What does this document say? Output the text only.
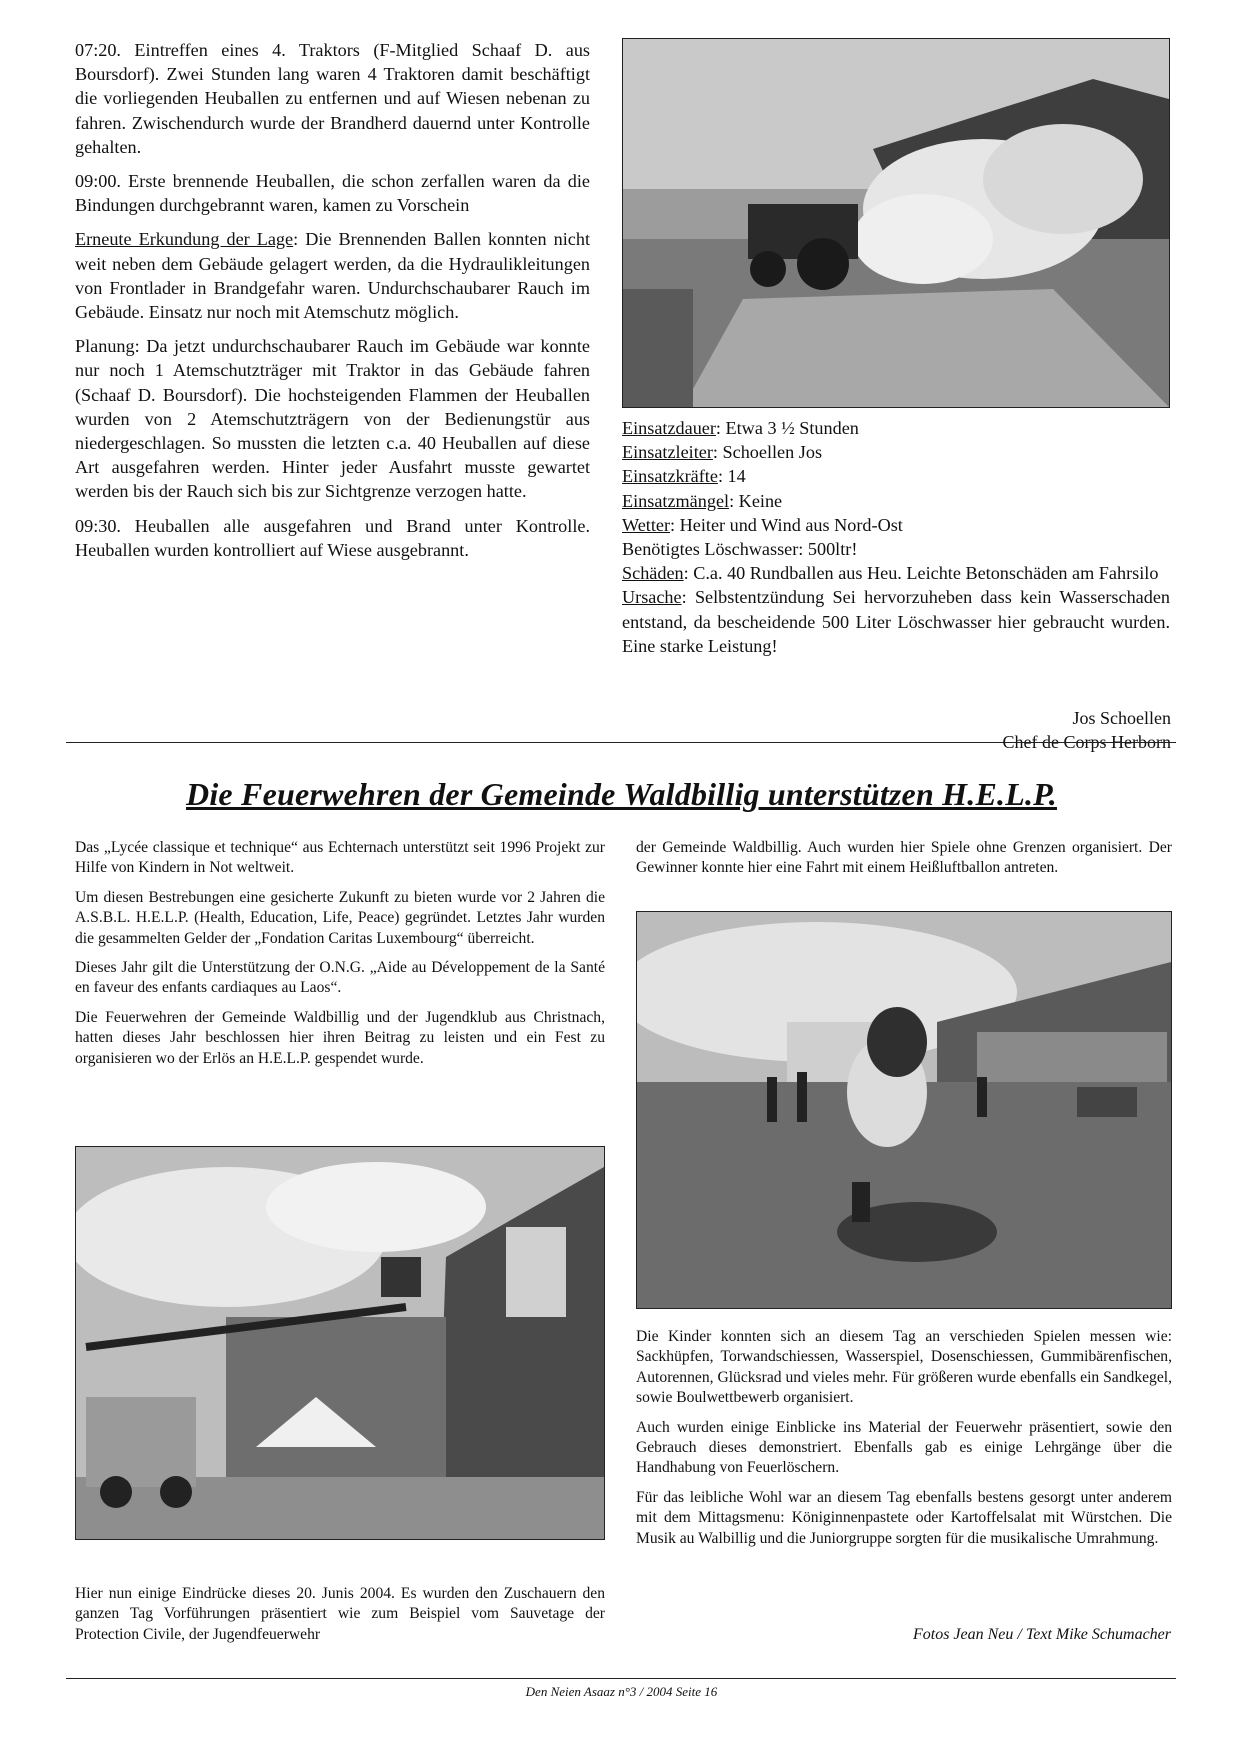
07:20. Eintreffen eines 4. Traktors (F-Mitglied Schaaf D. aus Boursdorf). Zwei Stunden lang waren 4 Traktoren damit beschäftigt die vorliegenden Heuballen zu entfernen und auf Wiesen nebenan zu fahren. Zwischendurch wurde der Brandherd dauernd unter Kontrolle gehalten.

09:00. Erste brennende Heuballen, die schon zerfallen waren da die Bindungen durchgebrannt waren, kamen zu Vorschein

Erneute Erkundung der Lage: Die Brennenden Ballen konnten nicht weit neben dem Gebäude gelagert werden, da die Hydraulikleitungen von Frontlader in Brandgefahr waren. Undurchschaubarer Rauch im Gebäude. Einsatz nur noch mit Atemschutz möglich.

Planung: Da jetzt undurchschaubarer Rauch im Gebäude war konnte nur noch 1 Atemschutzträger mit Traktor in das Gebäude fahren (Schaaf D. Boursdorf). Die hochsteigenden Flammen der Heuballen wurden von 2 Atemschutzträgern von der Bedienungstür aus niedergeschlagen. So mussten die letzten c.a. 40 Heuballen auf diese Art ausgefahren werden. Hinter jeder Ausfahrt musste gewartet werden bis der Rauch sich bis zur Sichtgrenze verzogen hatte.

09:30. Heuballen alle ausgefahren und Brand unter Kontrolle. Heuballen wurden kontrolliert auf Wiese ausgebrannt.

Einsatzdauer: Etwa 3 ½ Stunden
Einsatzleiter: Schoellen Jos
Einsatzkräfte: 14
Einsatzmängel: Keine
Wetter: Heiter und Wind aus Nord-Ost
Benötigtes Löschwasser: 500ltr!
Schäden: C.a. 40 Rundballen aus Heu. Leichte Betonschäden am Fahrsilo
Ursache: Selbstentzündung Sei hervorzuheben dass kein Wasserschaden entstand, da bescheidende 500 Liter Löschwasser hier gebraucht wurden. Eine starke Leistung!
Jos Schoellen
Chef de Corps Herborn
Die Feuerwehren der Gemeinde Waldbillig unterstützen H.E.L.P.

Das „Lycée classique et technique“ aus Echternach unterstützt seit 1996 Projekt zur Hilfe von Kindern in Not weltweit.

Um diesen Bestrebungen eine gesicherte Zukunft zu bieten wurde vor 2 Jahren die A.S.B.L. H.E.L.P. (Health, Education, Life, Peace) gegründet. Letztes Jahr wurden die gesammelten Gelder der „Fondation Caritas Luxembourg“ überreicht.

Dieses Jahr gilt die Unterstützung der O.N.G. „Aide au Développement de la Santé en faveur des enfants cardiaques au Laos“.

Die Feuerwehren der Gemeinde Waldbillig und der Jugendklub aus Christnach, hatten dieses Jahr beschlossen hier ihren Beitrag zu leisten und ein Fest zu organisieren wo der Erlös an H.E.L.P. gespendet wurde.

Hier nun einige Eindrücke dieses 20. Junis 2004. Es wurden den Zuschauern den ganzen Tag Vorführungen präsentiert wie zum Beispiel vom Sauvetage der Protection Civile, der Jugendfeuerwehr

der Gemeinde Waldbillig. Auch wurden hier Spiele ohne Grenzen organisiert. Der Gewinner konnte hier eine Fahrt mit einem Heißluftballon antreten.

Die Kinder konnten sich an diesem Tag an verschieden Spielen messen wie: Sackhüpfen, Torwandschiessen, Wasserspiel, Dosenschiessen, Gummibärenfischen, Autorennen, Glücksrad und vieles mehr. Für größeren wurde ebenfalls ein Sandkegel, sowie Boulwettbewerb organisiert.

Auch wurden einige Einblicke ins Material der Feuerwehr präsentiert, sowie den Gebrauch dieses demonstriert. Ebenfalls gab es einige Lehrgänge über die Handhabung von Feuerlöschern.

Für das leibliche Wohl war an diesem Tag ebenfalls bestens gesorgt unter anderem mit dem Mittagsmenu: Königinnenpastete oder Kartoffelsalat mit Würstchen. Die Musik au Walbillig und die Juniorgruppe sorgten für die musikalische Umrahmung.

Fotos Jean Neu / Text Mike Schumacher
Den Neien Asaaz n°3 / 2004 Seite 16
